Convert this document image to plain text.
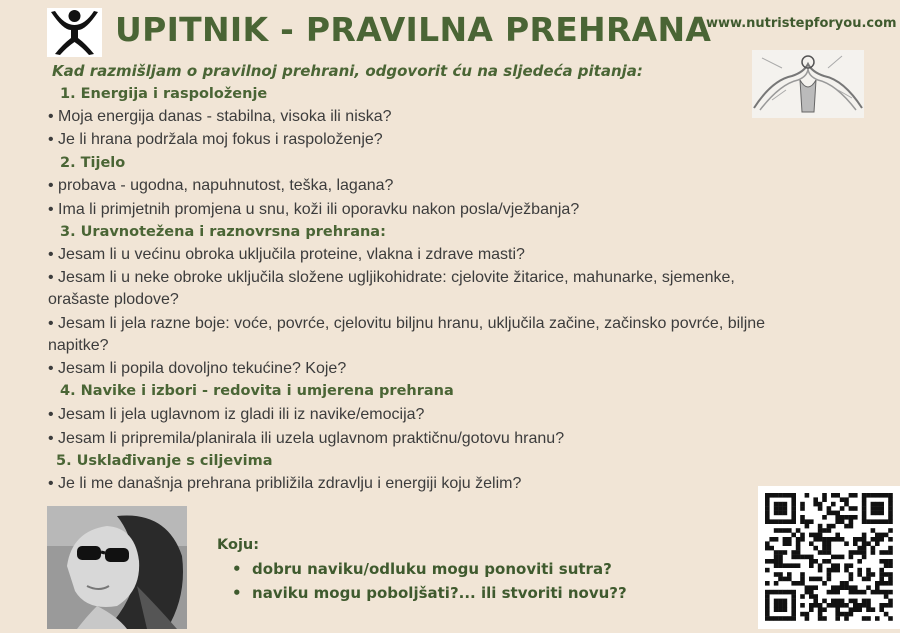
UPITNIK - PRAVILNA PREHRANA
www.nutristepforyou.com
Kad razmišljam o pravilnoj prehrani, odgovorit ću na sljedeća pitanja:
1. Energija i raspoloženje
• Moja energija danas - stabilna, visoka ili niska?
• Je li hrana podržala moj fokus i raspoloženje?
2. Tijelo
• probava - ugodna, napuhnutost, teška, lagana?
• Ima li primjetnih promjena u snu, koži ili oporavku nakon posla/vježbanja?
3. Uravnotežena i raznovrsna prehrana:
• Jesam li u većinu obroka uključila proteine, vlakna i zdrave masti?
• Jesam li u neke obroke uključila složene ugljikohidrate: cjelovite žitarice, mahunarke, sjemenke,
orašaste plodove?
• Jesam li jela razne boje: voće, povrće, cjelovitu biljnu hranu, uključila začine, začinsko povrće, biljne
napitke?
• Jesam li popila dovoljno tekućine? Koje?
4. Navike i izbori - redovita i umjerena prehrana
• Jesam li jela uglavnom iz gladi ili iz navike/emocija?
• Jesam li pripremila/planirala ili uzela uglavnom praktičnu/gotovu hranu?
5. Usklađivanje s ciljevima
• Je li me današnja prehrana približila zdravlju i energiji koju želim?
Koju:
•  dobru naviku/odluku mogu ponoviti sutra?
•  naviku mogu poboljšati?... ili stvoriti novu??
